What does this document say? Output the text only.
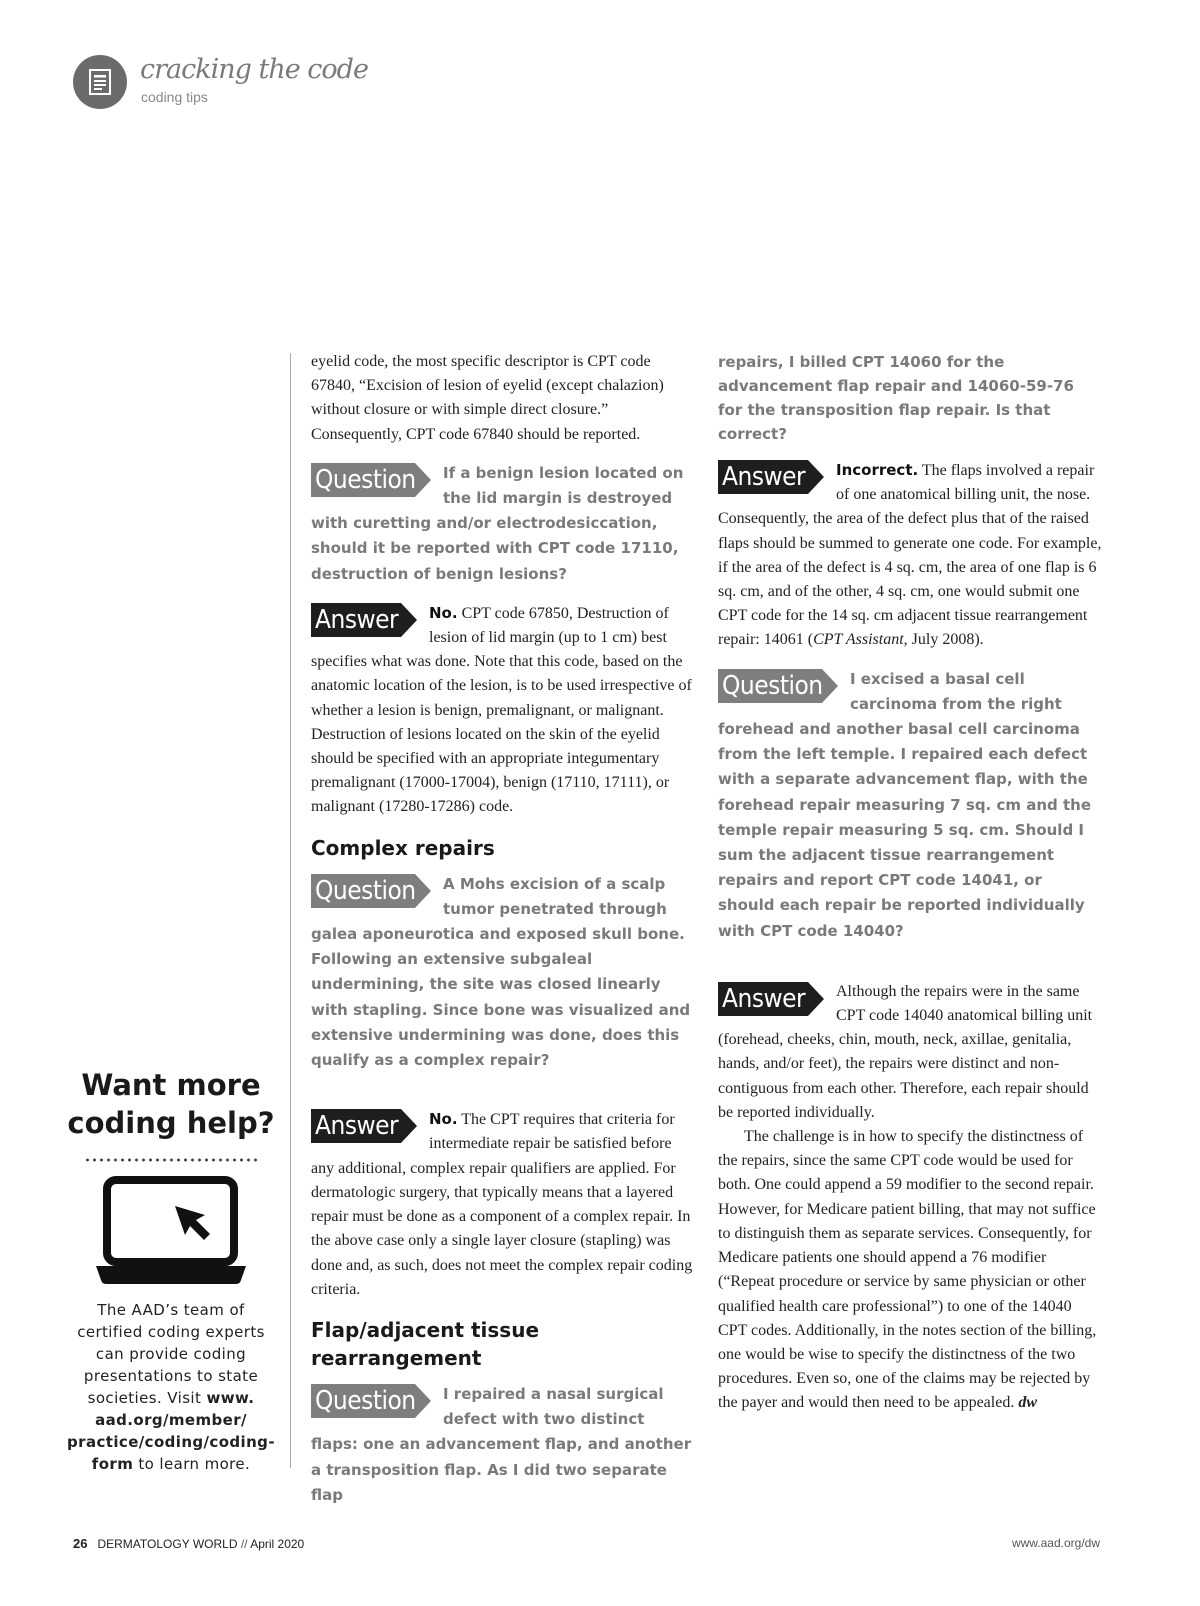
cracking the code
coding tips
Want more
coding help?
The AAD’s team of certified coding experts can provide coding presentations to state societies. Visit www. aad.org/member/ practice/coding/coding-form to learn more.

eyelid code, the most specific descriptor is CPT code 67840, “Excision of lesion of eyelid (except chalazion) without closure or with simple direct closure.” Consequently, CPT code 67840 should be reported.

Question If a benign lesion located on the lid margin is destroyed with curetting and/or electrodesiccation, should it be reported with CPT code 17110, destruction of benign lesions?
Answer No. CPT code 67850, Destruction of lesion of lid margin (up to 1 cm) best specifies what was done. Note that this code, based on the anatomic location of the lesion, is to be used irrespective of whether a lesion is benign, premalignant, or malignant. Destruction of lesions located on the skin of the eyelid should be specified with an appropriate integumentary premalignant (17000-17004), benign (17110, 17111), or malignant (17280-17286) code.
Complex repairs
Question A Mohs excision of a scalp tumor penetrated through galea aponeurotica and exposed skull bone. Following an extensive subgaleal undermining, the site was closed linearly with stapling. Since bone was visualized and extensive undermining was done, does this qualify as a complex repair?
Answer No. The CPT requires that criteria for intermediate repair be satisfied before any additional, complex repair qualifiers are applied. For dermatologic surgery, that typically means that a layered repair must be done as a component of a complex repair. In the above case only a single layer closure (stapling) was done and, as such, does not meet the complex repair coding criteria.
Flap/adjacent tissue rearrangement
Question I repaired a nasal surgical defect with two distinct flaps: one an advancement flap, and another a transposition flap. As I did two separate flap
repairs, I billed CPT 14060 for the advancement flap repair and 14060-59-76 for the transposition flap repair. Is that correct?
Answer Incorrect. The flaps involved a repair of one anatomical billing unit, the nose. Consequently, the area of the defect plus that of the raised flaps should be summed to generate one code. For example, if the area of the defect is 4 sq. cm, the area of one flap is 6 sq. cm, and of the other, 4 sq. cm, one would submit one CPT code for the 14 sq. cm adjacent tissue rearrangement repair: 14061 (CPT Assistant, July 2008).
Question I excised a basal cell carcinoma from the right forehead and another basal cell carcinoma from the left temple. I repaired each defect with a separate advancement flap, with the forehead repair measuring 7 sq. cm and the temple repair measuring 5 sq. cm. Should I sum the adjacent tissue rearrangement repairs and report CPT code 14041, or should each repair be reported individually with CPT code 14040?
Answer Although the repairs were in the same CPT code 14040 anatomical billing unit (forehead, cheeks, chin, mouth, neck, axillae, genitalia, hands, and/or feet), the repairs were distinct and non-contiguous from each other. Therefore, each repair should be reported individually.

The challenge is in how to specify the distinctness of the repairs, since the same CPT code would be used for both. One could append a 59 modifier to the second repair. However, for Medicare patient billing, that may not suffice to distinguish them as separate services. Consequently, for Medicare patients one should append a 76 modifier (“Repeat procedure or service by same physician or other qualified health care professional”) to one of the 14040 CPT codes. Additionally, in the notes section of the billing, one would be wise to specify the distinctness of the two procedures. Even so, one of the claims may be rejected by the payer and would then need to be appealed. dw

26 DERMATOLOGY WORLD // April 2020	www.aad.org/dw
